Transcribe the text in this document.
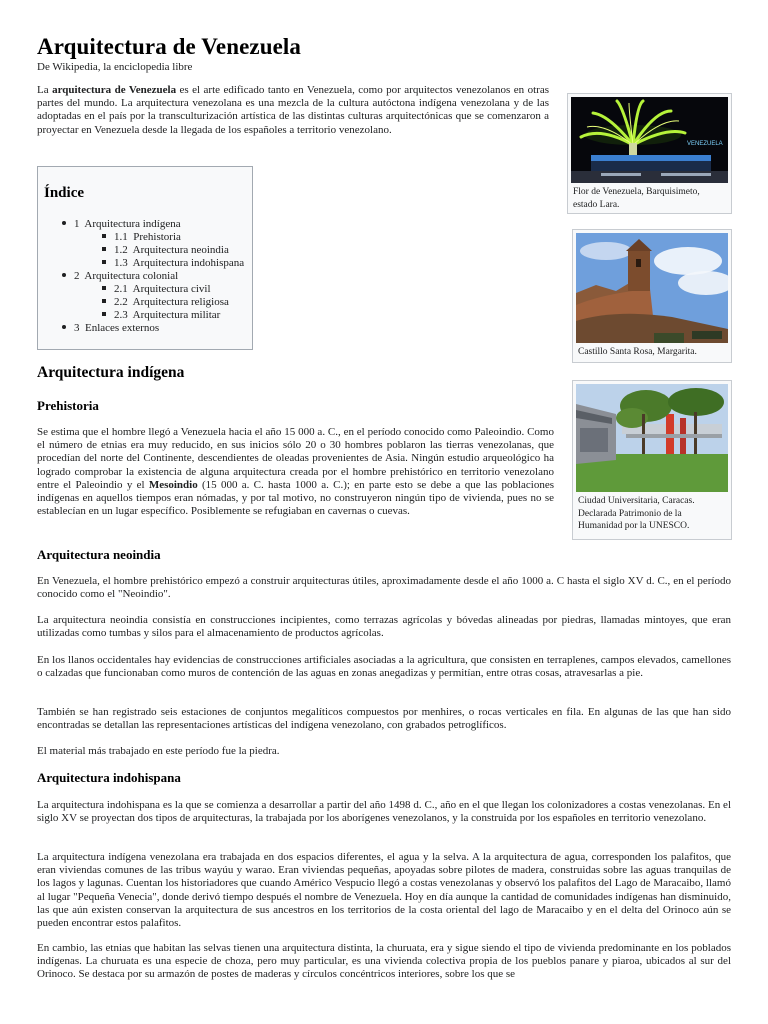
Arquitectura de Venezuela
De Wikipedia, la enciclopedia libre

La arquitectura de Venezuela es el arte edificado tanto en Venezuela, como por arquitectos venezolanos en otras partes del mundo. La arquitectura venezolana es una mezcla de la cultura autóctona indígena venezolana y de las adoptadas en el país por la transculturización artística de las distintas culturas arquitectónicas que se comenzaron a proyectar en Venezuela desde la llegada de los españoles a territorio venezolano.

Índice
1 Arquitectura indígena
1.1 Prehistoria
1.2 Arquitectura neoindia
1.3 Arquitectura indohispana
2 Arquitectura colonial
2.1 Arquitectura civil
2.2 Arquitectura religiosa
2.3 Arquitectura militar
3 Enlaces externos
VENEZUELA
Flor de Venezuela, Barquisimeto, estado Lara.
Castillo Santa Rosa, Margarita.
Ciudad Universitaria, Caracas. Declarada Patrimonio de la Humanidad por la UNESCO.
Arquitectura indígena
Prehistoria

Se estima que el hombre llegó a Venezuela hacia el año 15 000 a. C., en el período conocido como Paleoindio. Como el número de etnias era muy reducido, en sus inicios sólo 20 o 30 hombres poblaron las tierras venezolanas, que procedían del norte del Continente, descendientes de oleadas provenientes de Asia. Ningún estudio arqueológico ha logrado comprobar la existencia de alguna arquitectura creada por el hombre prehistórico en territorio venezolano entre el Paleoindio y el Mesoindio (15 000 a. C. hasta 1000 a. C.); en parte esto se debe a que las poblaciones indígenas en aquellos tiempos eran nómadas, y por tal motivo, no construyeron ningún tipo de vivienda, pues no se establecían en un lugar específico. Posiblemente se refugiaban en cavernas o cuevas.

Arquitectura neoindia

En Venezuela, el hombre prehistórico empezó a construir arquitecturas útiles, aproximadamente desde el año 1000 a. C hasta el siglo XV d. C., en el período conocido como el "Neoindio".

La arquitectura neoindia consistía en construcciones incipientes, como terrazas agrícolas y bóvedas alineadas por piedras, llamadas mintoyes, que eran utilizadas como tumbas y silos para el almacenamiento de productos agrícolas.

En los llanos occidentales hay evidencias de construcciones artificiales asociadas a la agricultura, que consisten en terraplenes, campos elevados, camellones o calzadas que funcionaban como muros de contención de las aguas en zonas anegadizas y permitían, entre otras cosas, atravesarlas a pie.

También se han registrado seis estaciones de conjuntos megalíticos compuestos por menhires, o rocas verticales en fila. En algunas de las que han sido encontradas se detallan las representaciones artísticas del indígena venezolano, con grabados petroglíficos.

El material más trabajado en este período fue la piedra.

Arquitectura indohispana

La arquitectura indohispana es la que se comienza a desarrollar a partir del año 1498 d. C., año en el que llegan los colonizadores a costas venezolanas. En el siglo XV se proyectan dos tipos de arquitecturas, la trabajada por los aborígenes venezolanos, y la construida por los españoles en territorio venezolano.

La arquitectura indígena venezolana era trabajada en dos espacios diferentes, el agua y la selva. A la arquitectura de agua, corresponden los palafitos, que eran viviendas comunes de las tribus wayúu y warao. Eran viviendas pequeñas, apoyadas sobre pilotes de madera, construidas sobre las aguas tranquilas de los lagos y lagunas. Cuentan los historiadores que cuando Américo Vespucio llegó a costas venezolanas y observó los palafitos del Lago de Maracaibo, llamó al lugar "Pequeña Venecia", donde derivó tiempo después el nombre de Venezuela. Hoy en día aunque la cantidad de comunidades indígenas han disminuido, las que aún existen conservan la arquitectura de sus ancestros en los territorios de la costa oriental del lago de Maracaibo y en el delta del Orinoco aún se pueden encontrar estos palafitos.

En cambio, las etnias que habitan las selvas tienen una arquitectura distinta, la churuata, era y sigue siendo el tipo de vivienda predominante en los poblados indígenas. La churuata es una especie de choza, pero muy particular, es una vivienda colectiva propia de los pueblos panare y piaroa, ubicados al sur del Orinoco. Se destaca por su armazón de postes de maderas y círculos concéntricos interiores, sobre los que se
